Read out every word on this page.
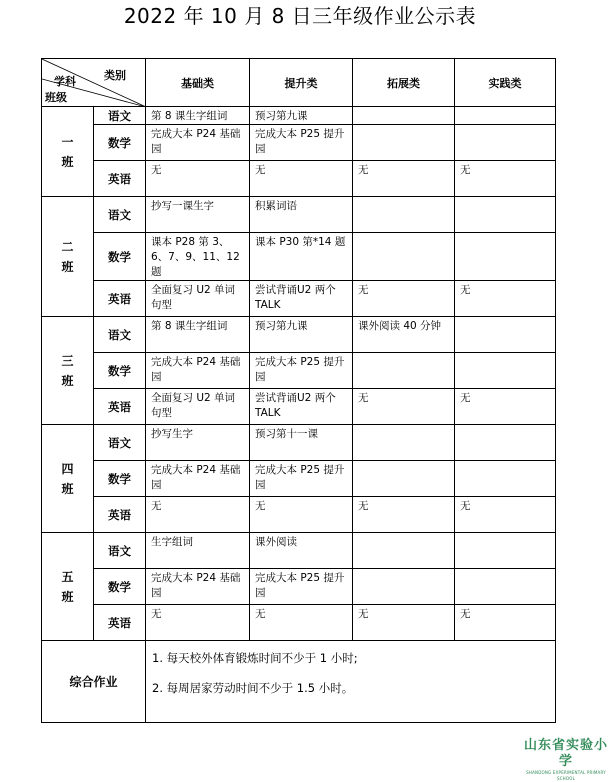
2022 年 10 月 8 日三年级作业公示表
类别
学科
班级		基础类	提升类	拓展类	实践类

一
班	语文	第 8 课生字组词	预习第九课		

	数学	完成大本 P24 基础园	完成大本 P25 提升园		

	英语	无	无	无	无

二
班	语文	抄写一课生字	积累词语		

	数学	课本 P28 第 3、6、7、9、11、12 题	课本 P30 第*14 题		

	英语	全面复习 U2 单词句型	尝试背诵U2 两个 TALK	无	无

三
班	语文	第 8 课生字组词	预习第九课	课外阅读 40 分钟	

	数学	完成大本 P24 基础园	完成大本 P25 提升园		

	英语	全面复习 U2 单词句型	尝试背诵U2 两个 TALK	无	无

四
班	语文	抄写生字	预习第十一课		

	数学	完成大本 P24 基础园	完成大本 P25 提升园		

	英语	无	无	无	无

五
班	语文	生字组词	课外阅读		

	数学	完成大本 P24 基础园	完成大本 P25 提升园		

	英语	无	无	无	无

综合作业		1. 每天校外体育锻炼时间不少于 1 小时;
2. 每周居家劳动时间不少于 1.5 小时。			
山东省实验小学
SHANDONG EXPERIMENTAL PRIMARY SCHOOL
